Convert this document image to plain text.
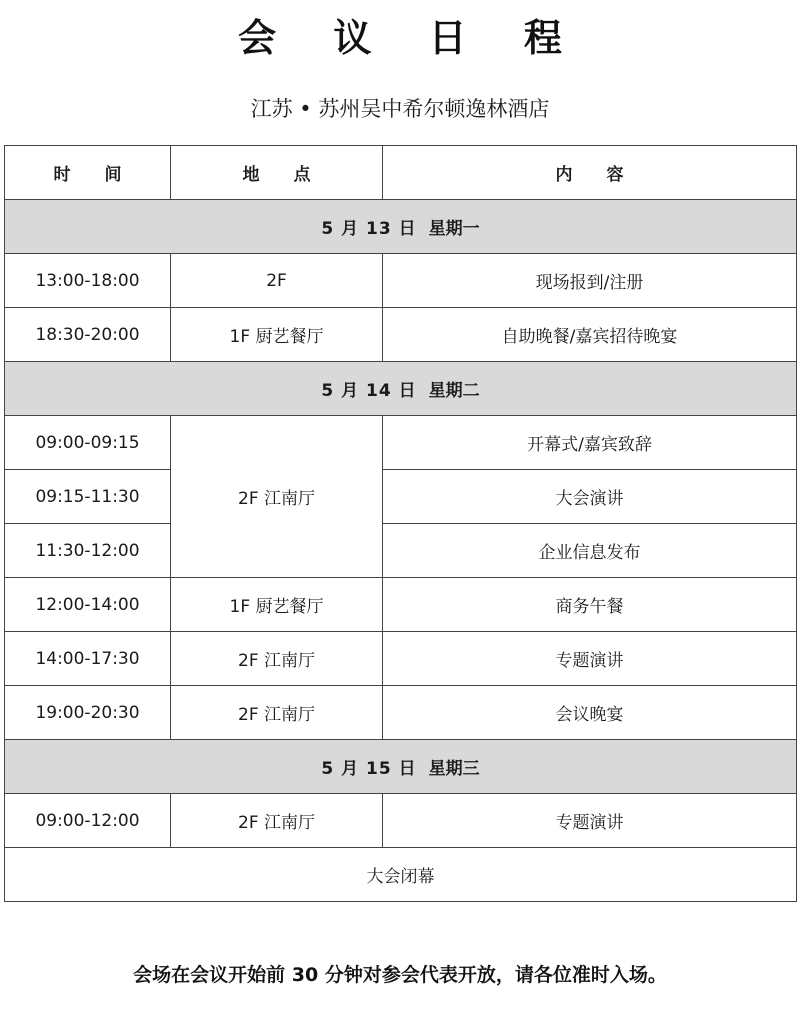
会 议 日 程
江苏 • 苏州吴中希尔顿逸林酒店
时 间	地 点	内 容
5 月 13 日 星期一		
13:00-18:00	2F	现场报到/注册
18:30-20:00	1F 厨艺餐厅	自助晚餐/嘉宾招待晚宴
5 月 14 日 星期二		
09:00-09:15	2F 江南厅	开幕式/嘉宾致辞
09:15-11:30		大会演讲
11:30-12:00		企业信息发布
12:00-14:00	1F 厨艺餐厅	商务午餐
14:00-17:30	2F 江南厅	专题演讲
19:00-20:30	2F 江南厅	会议晚宴
5 月 15 日 星期三		
09:00-12:00	2F 江南厅	专题演讲
大会闭幕		
会场在会议开始前 30 分钟对参会代表开放，请各位准时入场。
